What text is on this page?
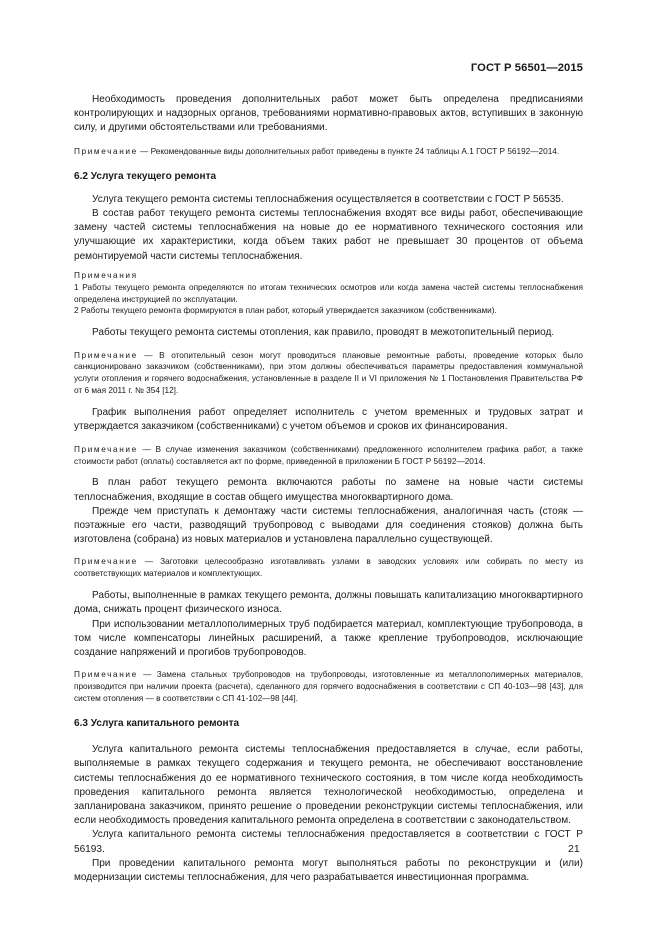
ГОСТ Р 56501—2015

Необходимость проведения дополнительных работ может быть определена предписаниями контролирующих и надзорных органов, требованиями нормативно-правовых актов, вступивших в законную силу, и другими обстоятельствами или требованиями.

Примечание — Рекомендованные виды дополнительных работ приведены в пункте 24 таблицы А.1 ГОСТ Р 56192—2014.

6.2 Услуга текущего ремонта

Услуга текущего ремонта системы теплоснабжения осуществляется в соответствии с ГОСТ Р 56535.

В состав работ текущего ремонта системы теплоснабжения входят все виды работ, обеспечивающие замену частей системы теплоснабжения на новые до ее нормативного технического состояния или улучшающие их характеристики, когда объем таких работ не превышает 30 процентов от объема ремонтируемой части системы теплоснабжения.

Примечания

1 Работы текущего ремонта определяются по итогам технических осмотров или когда замена частей системы теплоснабжения определена инструкцией по эксплуатации.

2 Работы текущего ремонта формируются в план работ, который утверждается заказчиком (собственниками).

Работы текущего ремонта системы отопления, как правило, проводят в межотопительный период.

Примечание — В отопительный сезон могут проводиться плановые ремонтные работы, проведение которых было санкционировано заказчиком (собственниками), при этом должны обеспечиваться параметры предоставления коммунальной услуги отопления и горячего водоснабжения, установленные в разделе II и VI приложения № 1 Постановления Правительства РФ от 6 мая 2011 г. № 354 [12].

График выполнения работ определяет исполнитель с учетом временных и трудовых затрат и утверждается заказчиком (собственниками) с учетом объемов и сроков их финансирования.

Примечание — В случае изменения заказчиком (собственниками) предложенного исполнителем графика работ, а также стоимости работ (оплаты) составляется акт по форме, приведенной в приложении Б ГОСТ Р 56192—2014.

В план работ текущего ремонта включаются работы по замене на новые части системы теплоснабжения, входящие в состав общего имущества многоквартирного дома.

Прежде чем приступать к демонтажу части системы теплоснабжения, аналогичная часть (стояк — поэтажные его части, разводящий трубопровод с выводами для соединения стояков) должна быть изготовлена (собрана) из новых материалов и установлена параллельно существующей.

Примечание — Заготовки целесообразно изготавливать узлами в заводских условиях или собирать по месту из соответствующих материалов и комплектующих.

Работы, выполненные в рамках текущего ремонта, должны повышать капитализацию многоквартирного дома, снижать процент физического износа.

При использовании металлополимерных труб подбирается материал, комплектующие трубопровода, в том числе компенсаторы линейных расширений, а также крепление трубопроводов, исключающие создание напряжений и прогибов трубопроводов.

Примечание — Замена стальных трубопроводов на трубопроводы, изготовленные из металлополимерных материалов, производится при наличии проекта (расчета), сделанного для горячего водоснабжения в соответствии с СП 40-103—98 [43], для систем отопления — в соответствии с СП 41-102—98 [44].

6.3 Услуга капитального ремонта

Услуга капитального ремонта системы теплоснабжения предоставляется в случае, если работы, выполняемые в рамках текущего содержания и текущего ремонта, не обеспечивают восстановление системы теплоснабжения до ее нормативного технического состояния, в том числе когда необходимость проведения капитального ремонта является технологической необходимостью, определена и запланирована заказчиком, принято решение о проведении реконструкции системы теплоснабжения, или если необходимость проведения капитального ремонта определена в соответствии с законодательством.

Услуга капитального ремонта системы теплоснабжения предоставляется в соответствии с ГОСТ Р 56193.

При проведении капитального ремонта могут выполняться работы по реконструкции и (или) модернизации системы теплоснабжения, для чего разрабатывается инвестиционная программа.

21
